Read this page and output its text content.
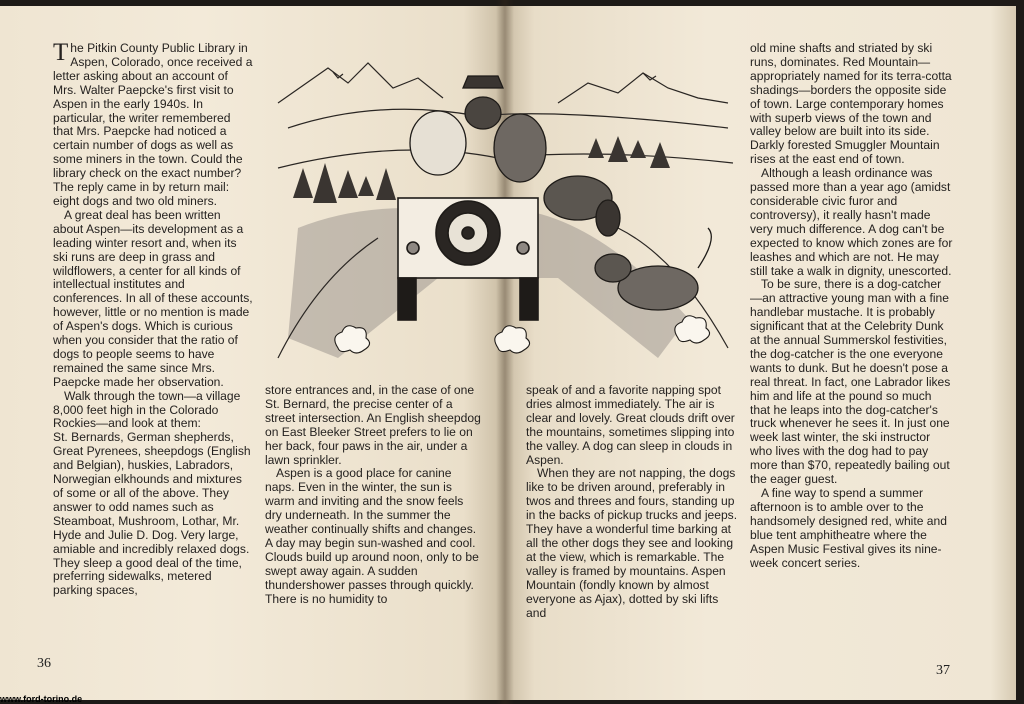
The Pitkin County Public Library in Aspen, Colorado, once received a letter asking about an account of Mrs. Walter Paepcke's first visit to Aspen in the early 1940s. In particular, the writer remembered that Mrs. Paepcke had noticed a certain number of dogs as well as some miners in the town. Could the library check on the exact number? The reply came in by return mail: eight dogs and two old miners.

A great deal has been written about Aspen—its development as a leading winter resort and, when its ski runs are deep in grass and wildflowers, a center for all kinds of intellectual institutes and conferences. In all of these accounts, however, little or no mention is made of Aspen's dogs. Which is curious when you consider that the ratio of dogs to people seems to have remained the same since Mrs. Paepcke made her observation.

Walk through the town—a village 8,000 feet high in the Colorado Rockies—and look at them:

St. Bernards, German shepherds, Great Pyrenees, sheepdogs (English and Belgian), huskies, Labradors, Norwegian elkhounds and mixtures of some or all of the above. They answer to odd names such as Steamboat, Mushroom, Lothar, Mr. Hyde and Julie D. Dog. Very large, amiable and incredibly relaxed dogs. They sleep a good deal of the time, preferring sidewalks, metered parking spaces,

store entrances and, in the case of one St. Bernard, the precise center of a street intersection. An English sheepdog on East Bleeker Street prefers to lie on her back, four paws in the air, under a lawn sprinkler.

Aspen is a good place for canine naps. Even in the winter, the sun is warm and inviting and the snow feels dry underneath. In the summer the weather continually shifts and changes. A day may begin sun-washed and cool. Clouds build up around noon, only to be swept away again. A sudden thundershower passes through quickly. There is no humidity to

speak of and a favorite napping spot dries almost immediately. The air is clear and lovely. Great clouds drift over the mountains, sometimes slipping into the valley. A dog can sleep in clouds in Aspen.

When they are not napping, the dogs like to be driven around, preferably in twos and threes and fours, standing up in the backs of pickup trucks and jeeps. They have a wonderful time barking at all the other dogs they see and looking at the view, which is remarkable. The valley is framed by mountains. Aspen Mountain (fondly known by almost everyone as Ajax), dotted by ski lifts and

old mine shafts and striated by ski runs, dominates. Red Mountain—appropriately named for its terra-cotta shadings—borders the opposite side of town. Large contemporary homes with superb views of the town and valley below are built into its side. Darkly forested Smuggler Mountain rises at the east end of town.

Although a leash ordinance was passed more than a year ago (amidst considerable civic furor and controversy), it really hasn't made very much difference. A dog can't be expected to know which zones are for leashes and which are not. He may still take a walk in dignity, unescorted.

To be sure, there is a dog-catcher—an attractive young man with a fine handlebar mustache. It is probably significant that at the Celebrity Dunk at the annual Summerskol festivities, the dog-catcher is the one everyone wants to dunk. But he doesn't pose a real threat. In fact, one Labrador likes him and life at the pound so much that he leaps into the dog-catcher's truck whenever he sees it. In just one week last winter, the ski instructor who lives with the dog had to pay more than $70, repeatedly bailing out the eager guest.

A fine way to spend a summer afternoon is to amble over to the handsomely designed red, white and blue tent amphitheatre where the Aspen Music Festival gives its nine-week concert series.

36	37
www.ford-torino.de
